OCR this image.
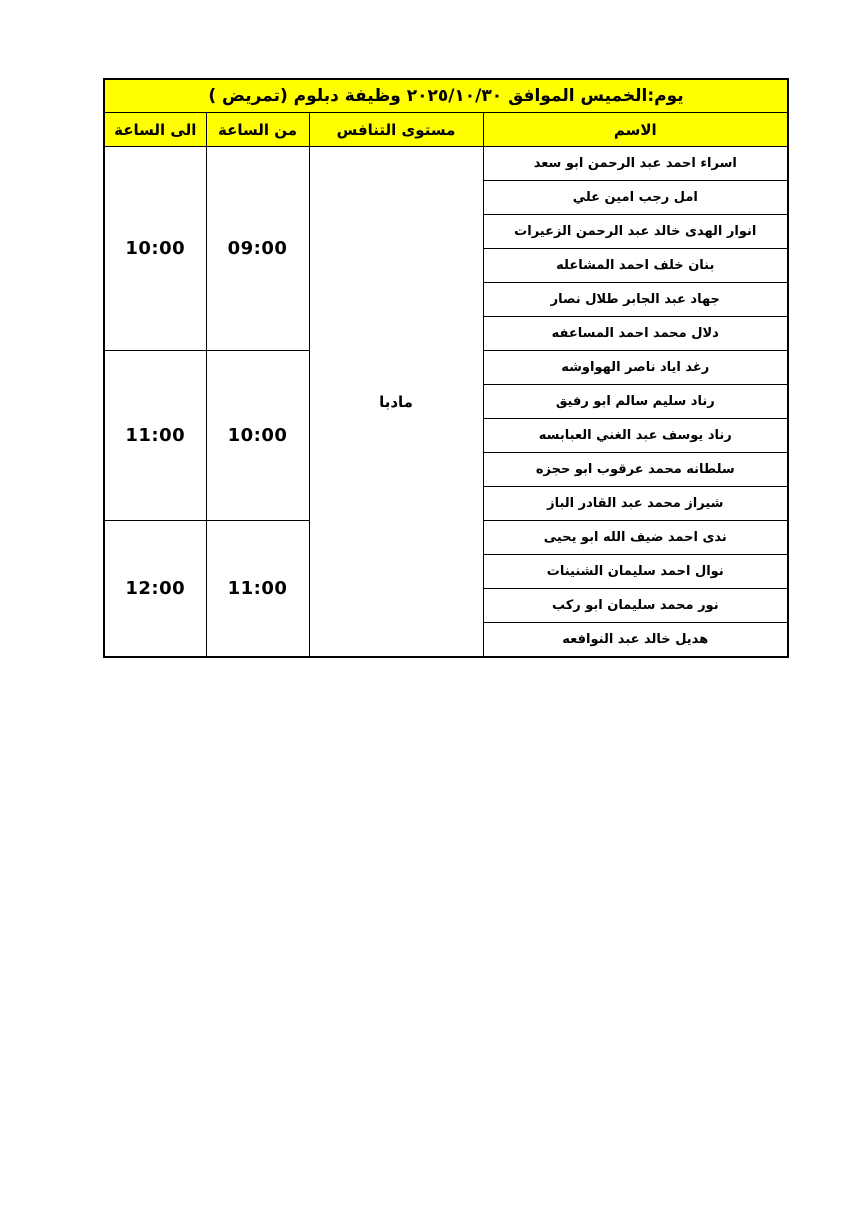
يوم:الخميس الموافق ٢٠٢٥/١٠/٣٠ وظيفة دبلوم (تمريض )			
الاسم	مستوى التنافس	من الساعة	الى الساعة
اسراء احمد عبد الرحمن ابو سعد	مادبا	09:00	10:00
امل رجب امين علي			
انوار الهدى خالد عبد الرحمن الزعيرات			
بنان خلف احمد المشاعله			
جهاد عبد الجابر طلال نصار			
دلال محمد احمد المساعفه			
رغد اياد ناصر الهواوشه		10:00	11:00
رناد سليم سالم ابو رفيق			
رناد يوسف عبد الغني العبابسه			
سلطانه محمد عرقوب ابو حجزه			
شيراز محمد عبد القادر الباز			
ندى احمد ضيف الله ابو يحيى		11:00	12:00
نوال احمد سليمان الشنينات			
نور محمد سليمان ابو ركب			
هديل خالد عبد النوافعه			
